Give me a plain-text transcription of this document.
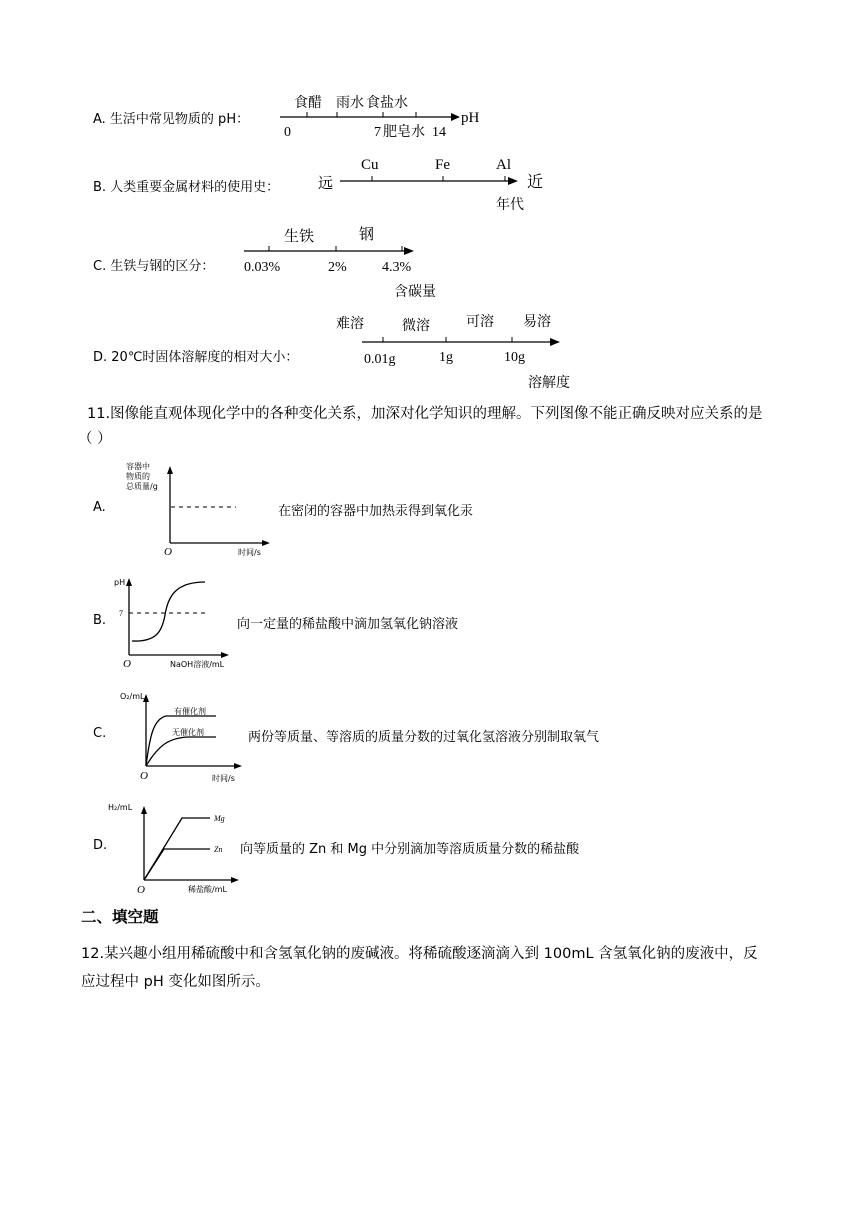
A. 生活中常见物质的 pH：
食醋 雨水 食盐水
0	7 肥皂水 14
pH
B. 人类重要金属材料的使用史：	远
Cu	Fe	Al
近
年代
C. 生铁与钢的区分：
生铁	钢
0.03%	2%	4.3%
含碳量
D. 20℃时固体溶解度的相对大小：
难溶	微溶	可溶 易溶
0.01g	1g	10g
溶解度
11.图像能直观体现化学中的各种变化关系，加深对化学知识的理解。下列图像不能正确反映对应关系的是
（ ）
A.
容器中
物质的
总质量/g
O	时间/s
在密闭的容器中加热汞得到氧化汞
B.
pH
7
O	NaOH溶液/mL
向一定量的稀盐酸中滴加氢氧化钠溶液
C.
O₂/mL
有催化剂
无催化剂
O	时间/s
两份等质量、等溶质的质量分数的过氧化氢溶液分别制取氧气
D.
H₂/mL
Mg
Zn
O	稀盐酸/mL
向等质量的 Zn 和 Mg 中分别滴加等溶质质量分数的稀盐酸
二、填空题
12.某兴趣小组用稀硫酸中和含氢氧化钠的废碱液。将稀硫酸逐滴滴入到 100mL 含氢氧化钠的废液中，反
应过程中 pH 变化如图所示。
